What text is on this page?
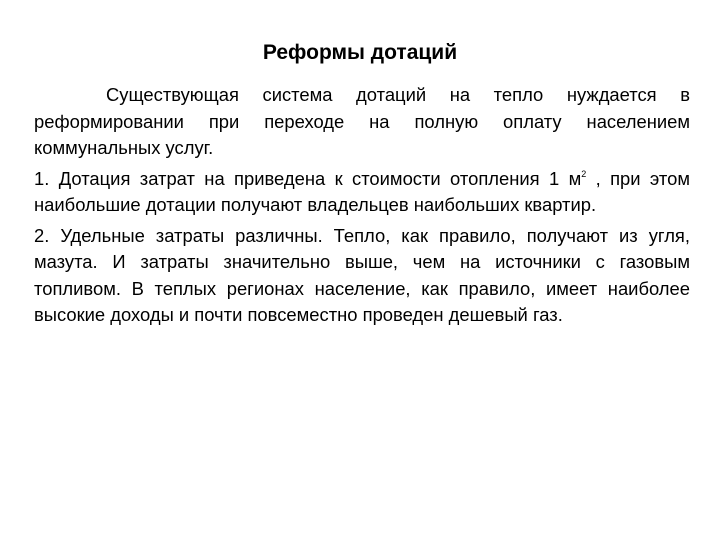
Реформы дотаций

Существующая система дотаций на тепло нуждается в реформировании при переходе на полную оплату населением коммунальных услуг.

1. Дотация затрат на приведена к стоимости отопления 1 $м^2$ , при этом наибольшие дотации получают владельцев наибольших квартир.

2. Удельные затраты различны. Тепло, как правило, получают из угля, мазута. И затраты значительно выше, чем на источники с газовым топливом. В теплых регионах население, как правило, имеет наиболее высокие доходы и почти повсеместно проведен дешевый газ.
